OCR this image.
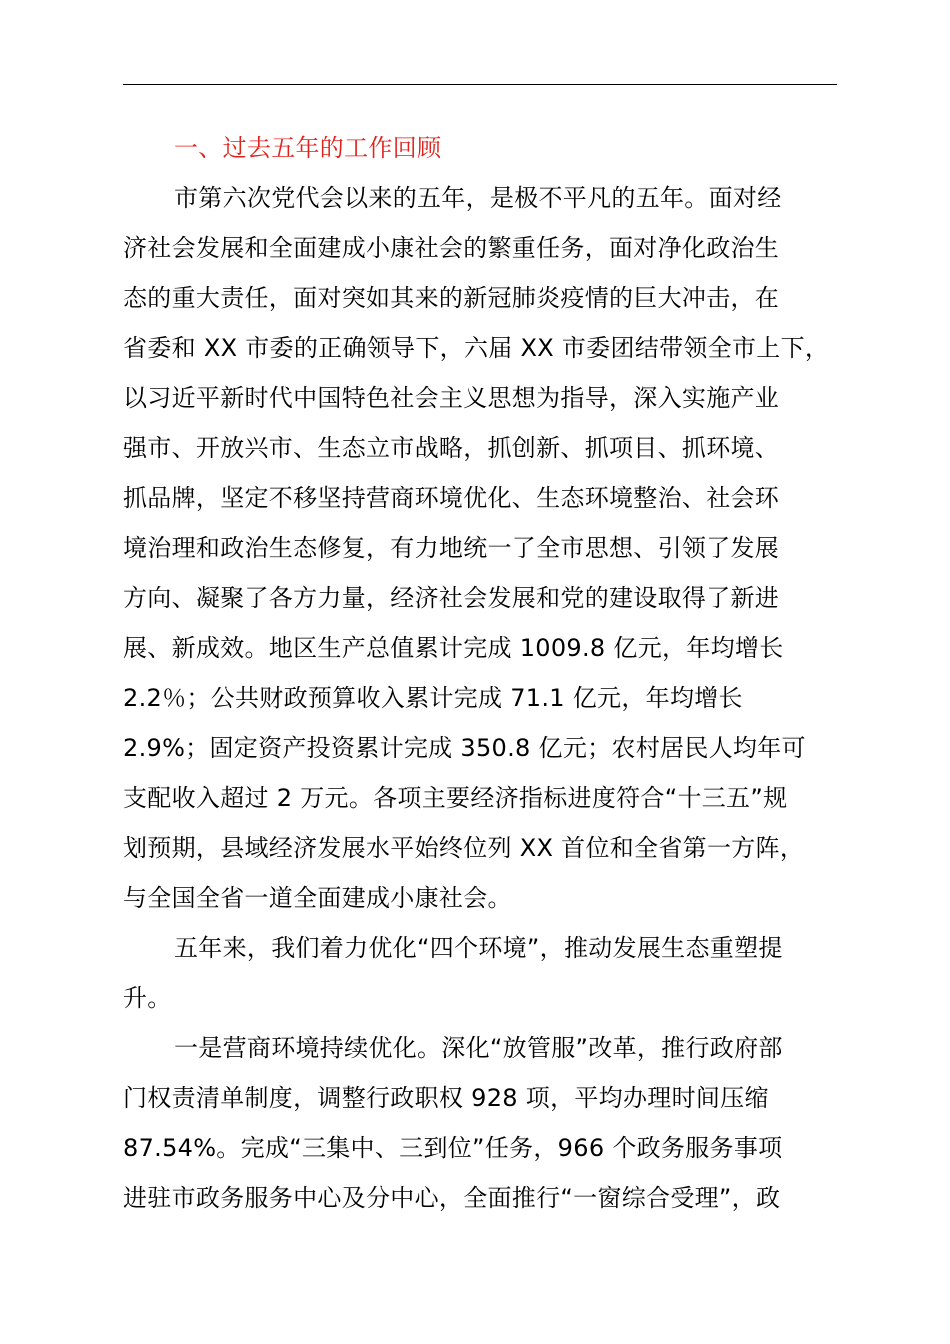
一、过去五年的工作回顾
市第六次党代会以来的五年，是极不平凡的五年。面对经
济社会发展和全面建成小康社会的繁重任务，面对净化政治生
态的重大责任，面对突如其来的新冠肺炎疫情的巨大冲击，在
省委和 XX 市委的正确领导下，六届 XX 市委团结带领全市上下，
以习近平新时代中国特色社会主义思想为指导，深入实施产业
强市、开放兴市、生态立市战略，抓创新、抓项目、抓环境、
抓品牌，坚定不移坚持营商环境优化、生态环境整治、社会环
境治理和政治生态修复，有力地统一了全市思想、引领了发展
方向、凝聚了各方力量，经济社会发展和党的建设取得了新进
展、新成效。地区生产总值累计完成 1009.8 亿元，年均增长
2.2％；公共财政预算收入累计完成 71.1 亿元，年均增长
2.9%；固定资产投资累计完成 350.8 亿元；农村居民人均年可
支配收入超过 2 万元。各项主要经济指标进度符合“十三五”规
划预期，县域经济发展水平始终位列 XX 首位和全省第一方阵，
与全国全省一道全面建成小康社会。
五年来，我们着力优化“四个环境”，推动发展生态重塑提
升。
一是营商环境持续优化。深化“放管服”改革，推行政府部
门权责清单制度，调整行政职权 928 项，平均办理时间压缩
87.54%。完成“三集中、三到位”任务，966 个政务服务事项
进驻市政务服务中心及分中心，全面推行“一窗综合受理”，政
